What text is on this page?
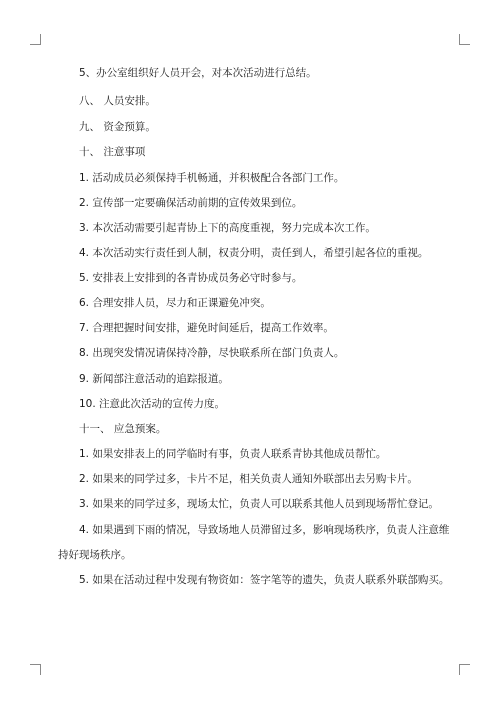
5、办公室组织好人员开会，对本次活动进行总结。
八、 人员安排。
九、 资金预算。
十、 注意事项
1. 活动成员必须保持手机畅通，并积极配合各部门工作。
2. 宣传部一定要确保活动前期的宣传效果到位。
3. 本次活动需要引起青协上下的高度重视，努力完成本次工作。
4. 本次活动实行责任到人制，权责分明，责任到人，希望引起各位的重视。
5. 安排表上安排到的各青协成员务必守时参与。
6. 合理安排人员，尽力和正课避免冲突。
7. 合理把握时间安排，避免时间延后，提高工作效率。
8. 出现突发情况请保持冷静，尽快联系所在部门负责人。
9. 新闻部注意活动的追踪报道。
10. 注意此次活动的宣传力度。
十一、 应急预案。
1. 如果安排表上的同学临时有事，负责人联系青协其他成员帮忙。
2. 如果来的同学过多，卡片不足，相关负责人通知外联部出去另购卡片。
3. 如果来的同学过多，现场太忙，负责人可以联系其他人员到现场帮忙登记。
4. 如果遇到下雨的情况，导致场地人员滞留过多，影响现场秩序，负责人注意维
持好现场秩序。
5. 如果在活动过程中发现有物资如：签字笔等的遗失，负责人联系外联部购买。
